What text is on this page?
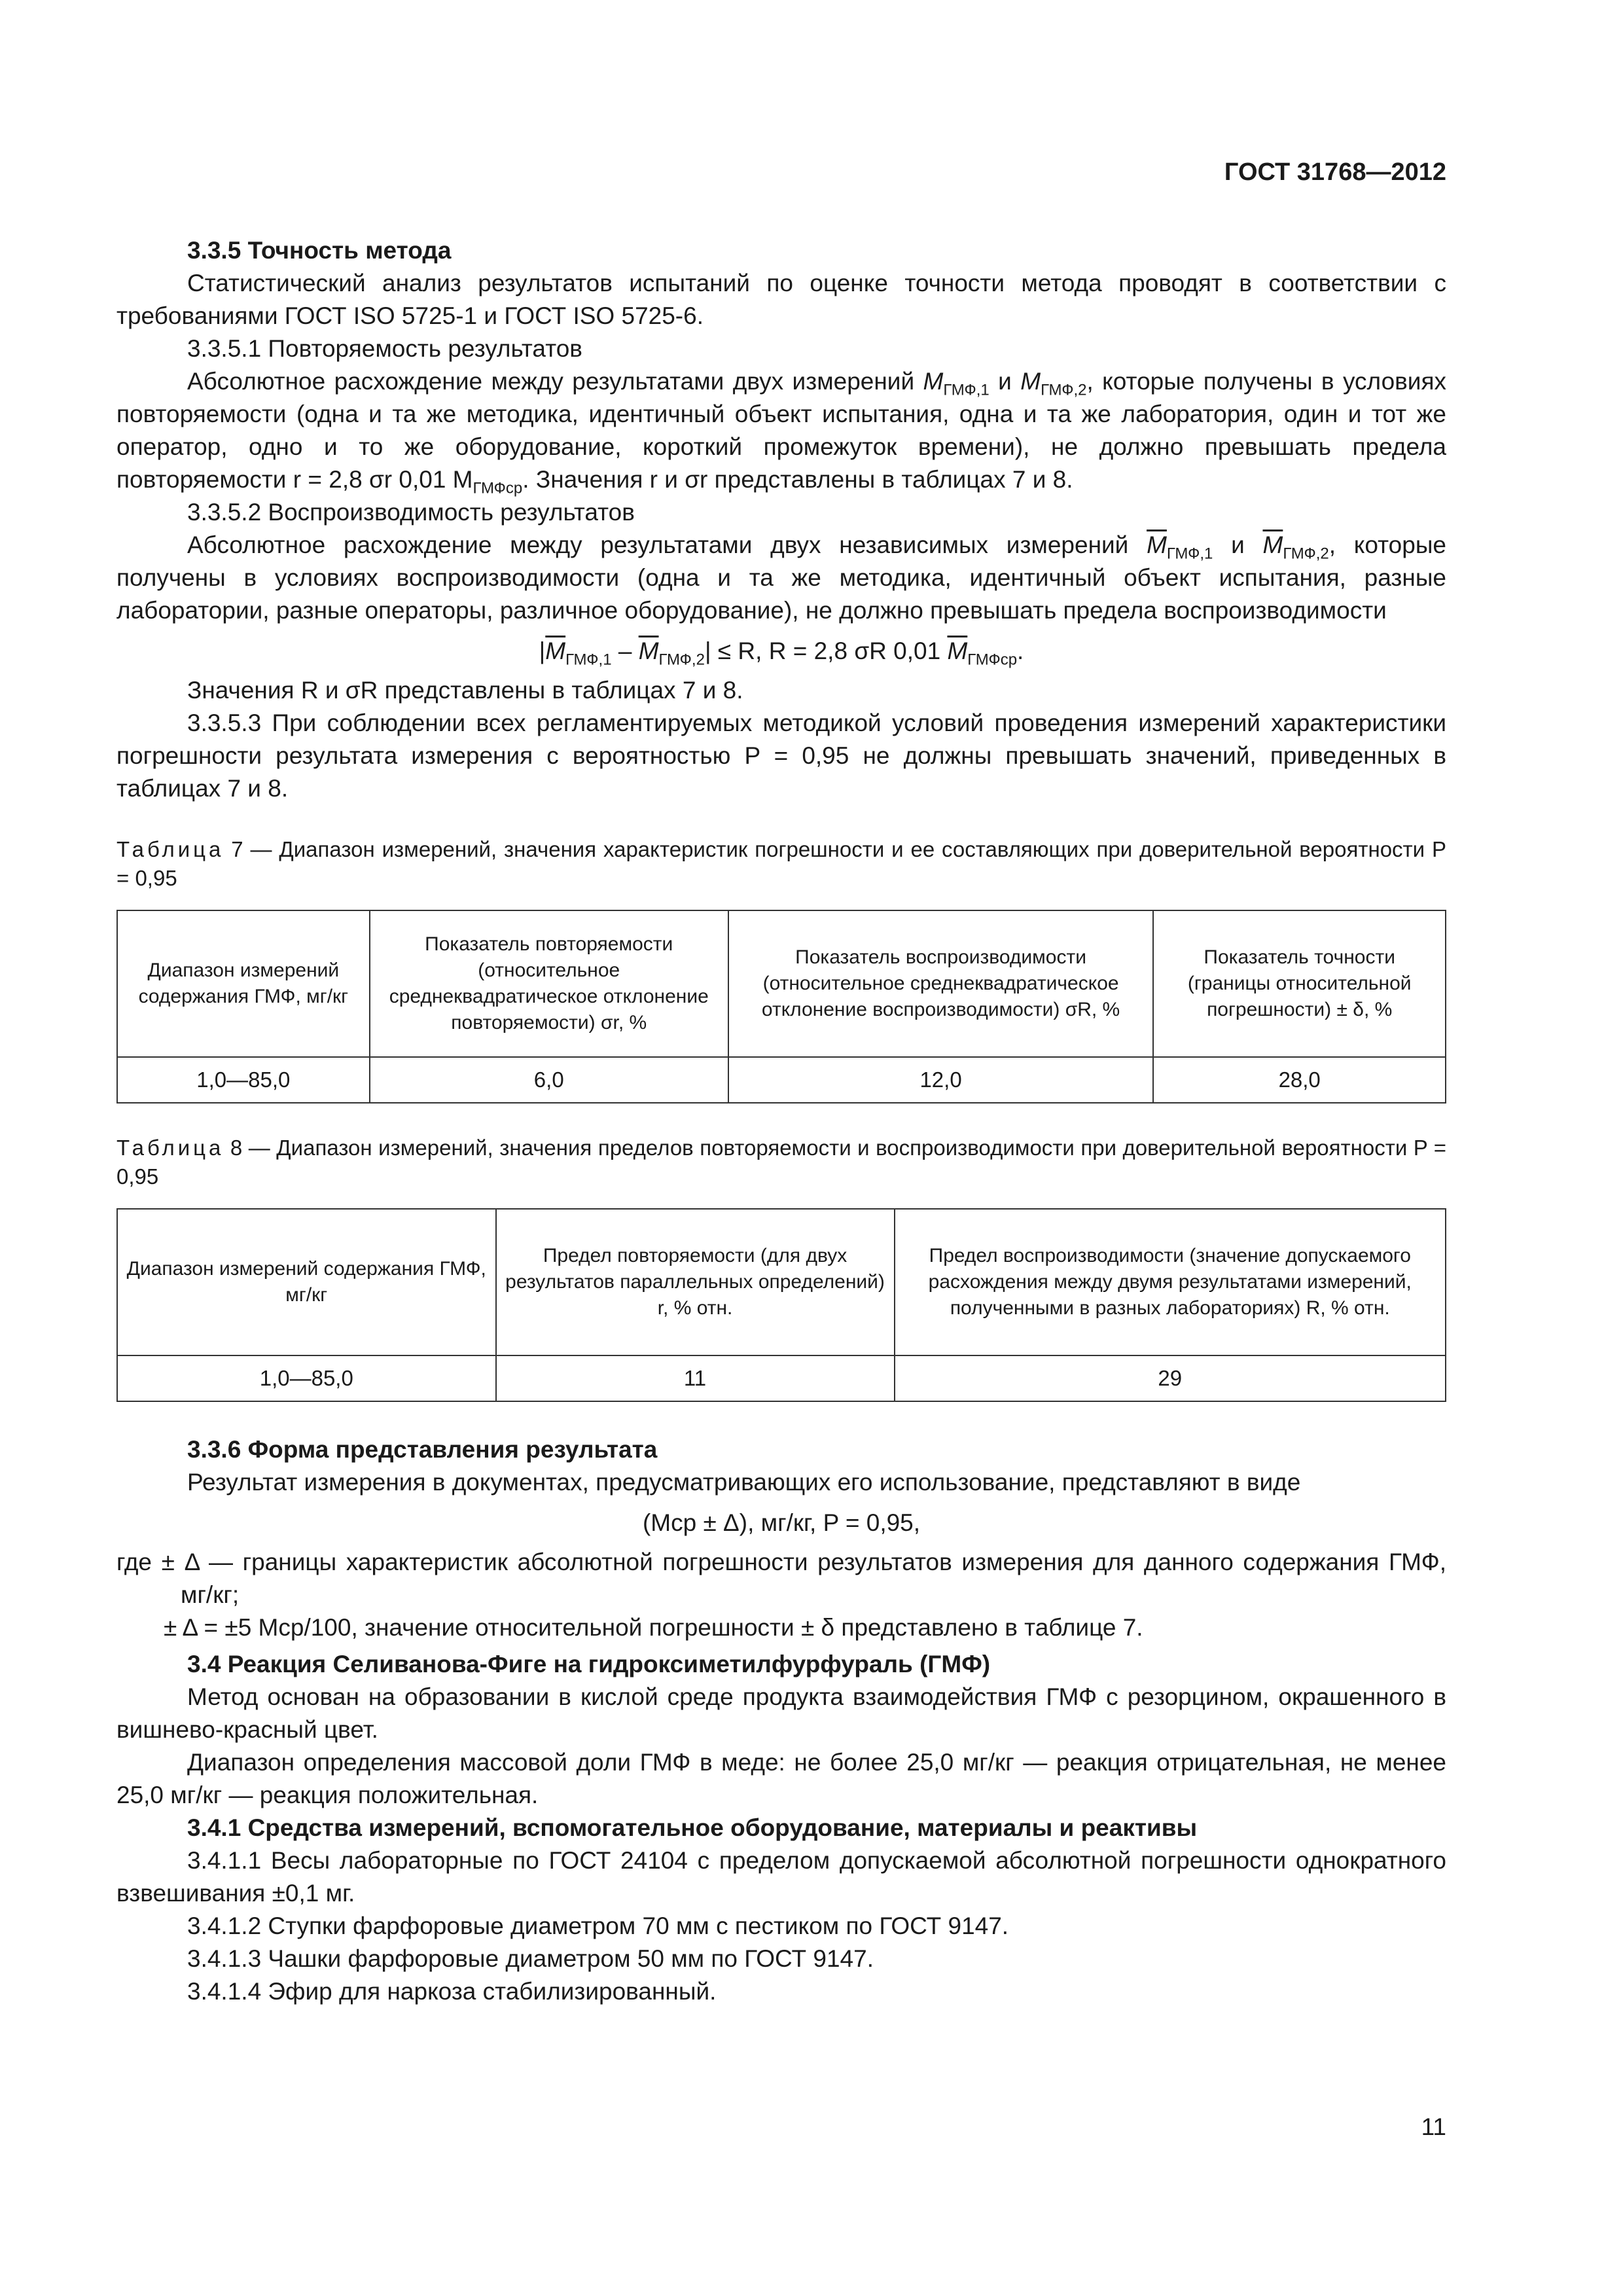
ГОСТ 31768—2012

3.3.5 Точность метода

Статистический анализ результатов испытаний по оценке точности метода проводят в соответствии с требованиями ГОСТ ISO 5725-1 и ГОСТ ISO 5725-6.

3.3.5.1 Повторяемость результатов

Абсолютное расхождение между результатами двух измерений $M_{ГМФ,1}$ и $M_{ГМФ,2}$, которые получены в условиях повторяемости (одна и та же методика, идентичный объект испытания, одна и та же лаборатория, один и тот же оператор, одно и то же оборудование, короткий промежуток времени), не должно превышать предела повторяемости r = 2,8 σr 0,01 $M_{ГМФср}$. Значения r и σr представлены в таблицах 7 и 8.

3.3.5.2 Воспроизводимость результатов

Абсолютное расхождение между результатами двух независимых измерений $\overline{M}_{ГМФ,1}$ и $\overline{M}_{ГМФ,2}$, которые получены в условиях воспроизводимости (одна и та же методика, идентичный объект испытания, разные лаборатории, разные операторы, различное оборудование), не должно превышать предела воспроизводимости

$|\overline{M}_{ГМФ,1} - \overline{M}_{ГМФ,2}| \le R$, R = 2,8 σR 0,01 $\overline{M}_{ГМФср}$.

Значения R и σR представлены в таблицах 7 и 8.

3.3.5.3 При соблюдении всех регламентируемых методикой условий проведения измерений характеристики погрешности результата измерения с вероятностью P = 0,95 не должны превышать значений, приведенных в таблицах 7 и 8.

Таблица 7 — Диапазон измерений, значения характеристик погрешности и ее составляющих при доверительной вероятности P = 0,95

Диапазон измерений содержания ГМФ, мг/кг	Показатель повторяемости (относительное среднеквадратическое отклонение повторяемости) σr, %	Показатель воспроизводимости (относительное среднеквадратическое отклонение воспроизводимости) σR, %	Показатель точности (границы относительной погрешности) ± δ, %
1,0—85,0	6,0	12,0	28,0

Таблица 8 — Диапазон измерений, значения пределов повторяемости и воспроизводимости при доверительной вероятности P = 0,95

Диапазон измерений содержания ГМФ, мг/кг	Предел повторяемости (для двух результатов параллельных определений) r, % отн.	Предел воспроизводимости (значение допускаемого расхождения между двумя результатами измерений, полученными в разных лабораториях) R, % отн.
1,0—85,0	11	29

3.3.6 Форма представления результата

Результат измерения в документах, предусматривающих его использование, представляют в виде

(Mср ± Δ), мг/кг, P = 0,95,

где ± Δ — границы характеристик абсолютной погрешности результатов измерения для данного содержания ГМФ, мг/кг;

± Δ = ±5 Mср/100, значение относительной погрешности ± δ представлено в таблице 7.

3.4 Реакция Селиванова-Фиге на гидроксиметилфурфураль (ГМФ)

Метод основан на образовании в кислой среде продукта взаимодействия ГМФ с резорцином, окрашенного в вишнево-красный цвет.

Диапазон определения массовой доли ГМФ в меде: не более 25,0 мг/кг — реакция отрицательная, не менее 25,0 мг/кг — реакция положительная.

3.4.1 Средства измерений, вспомогательное оборудование, материалы и реактивы

3.4.1.1 Весы лабораторные по ГОСТ 24104 с пределом допускаемой абсолютной погрешности однократного взвешивания ±0,1 мг.

3.4.1.2 Ступки фарфоровые диаметром 70 мм с пестиком по ГОСТ 9147.

3.4.1.3 Чашки фарфоровые диаметром 50 мм по ГОСТ 9147.

3.4.1.4 Эфир для наркоза стабилизированный.

11
